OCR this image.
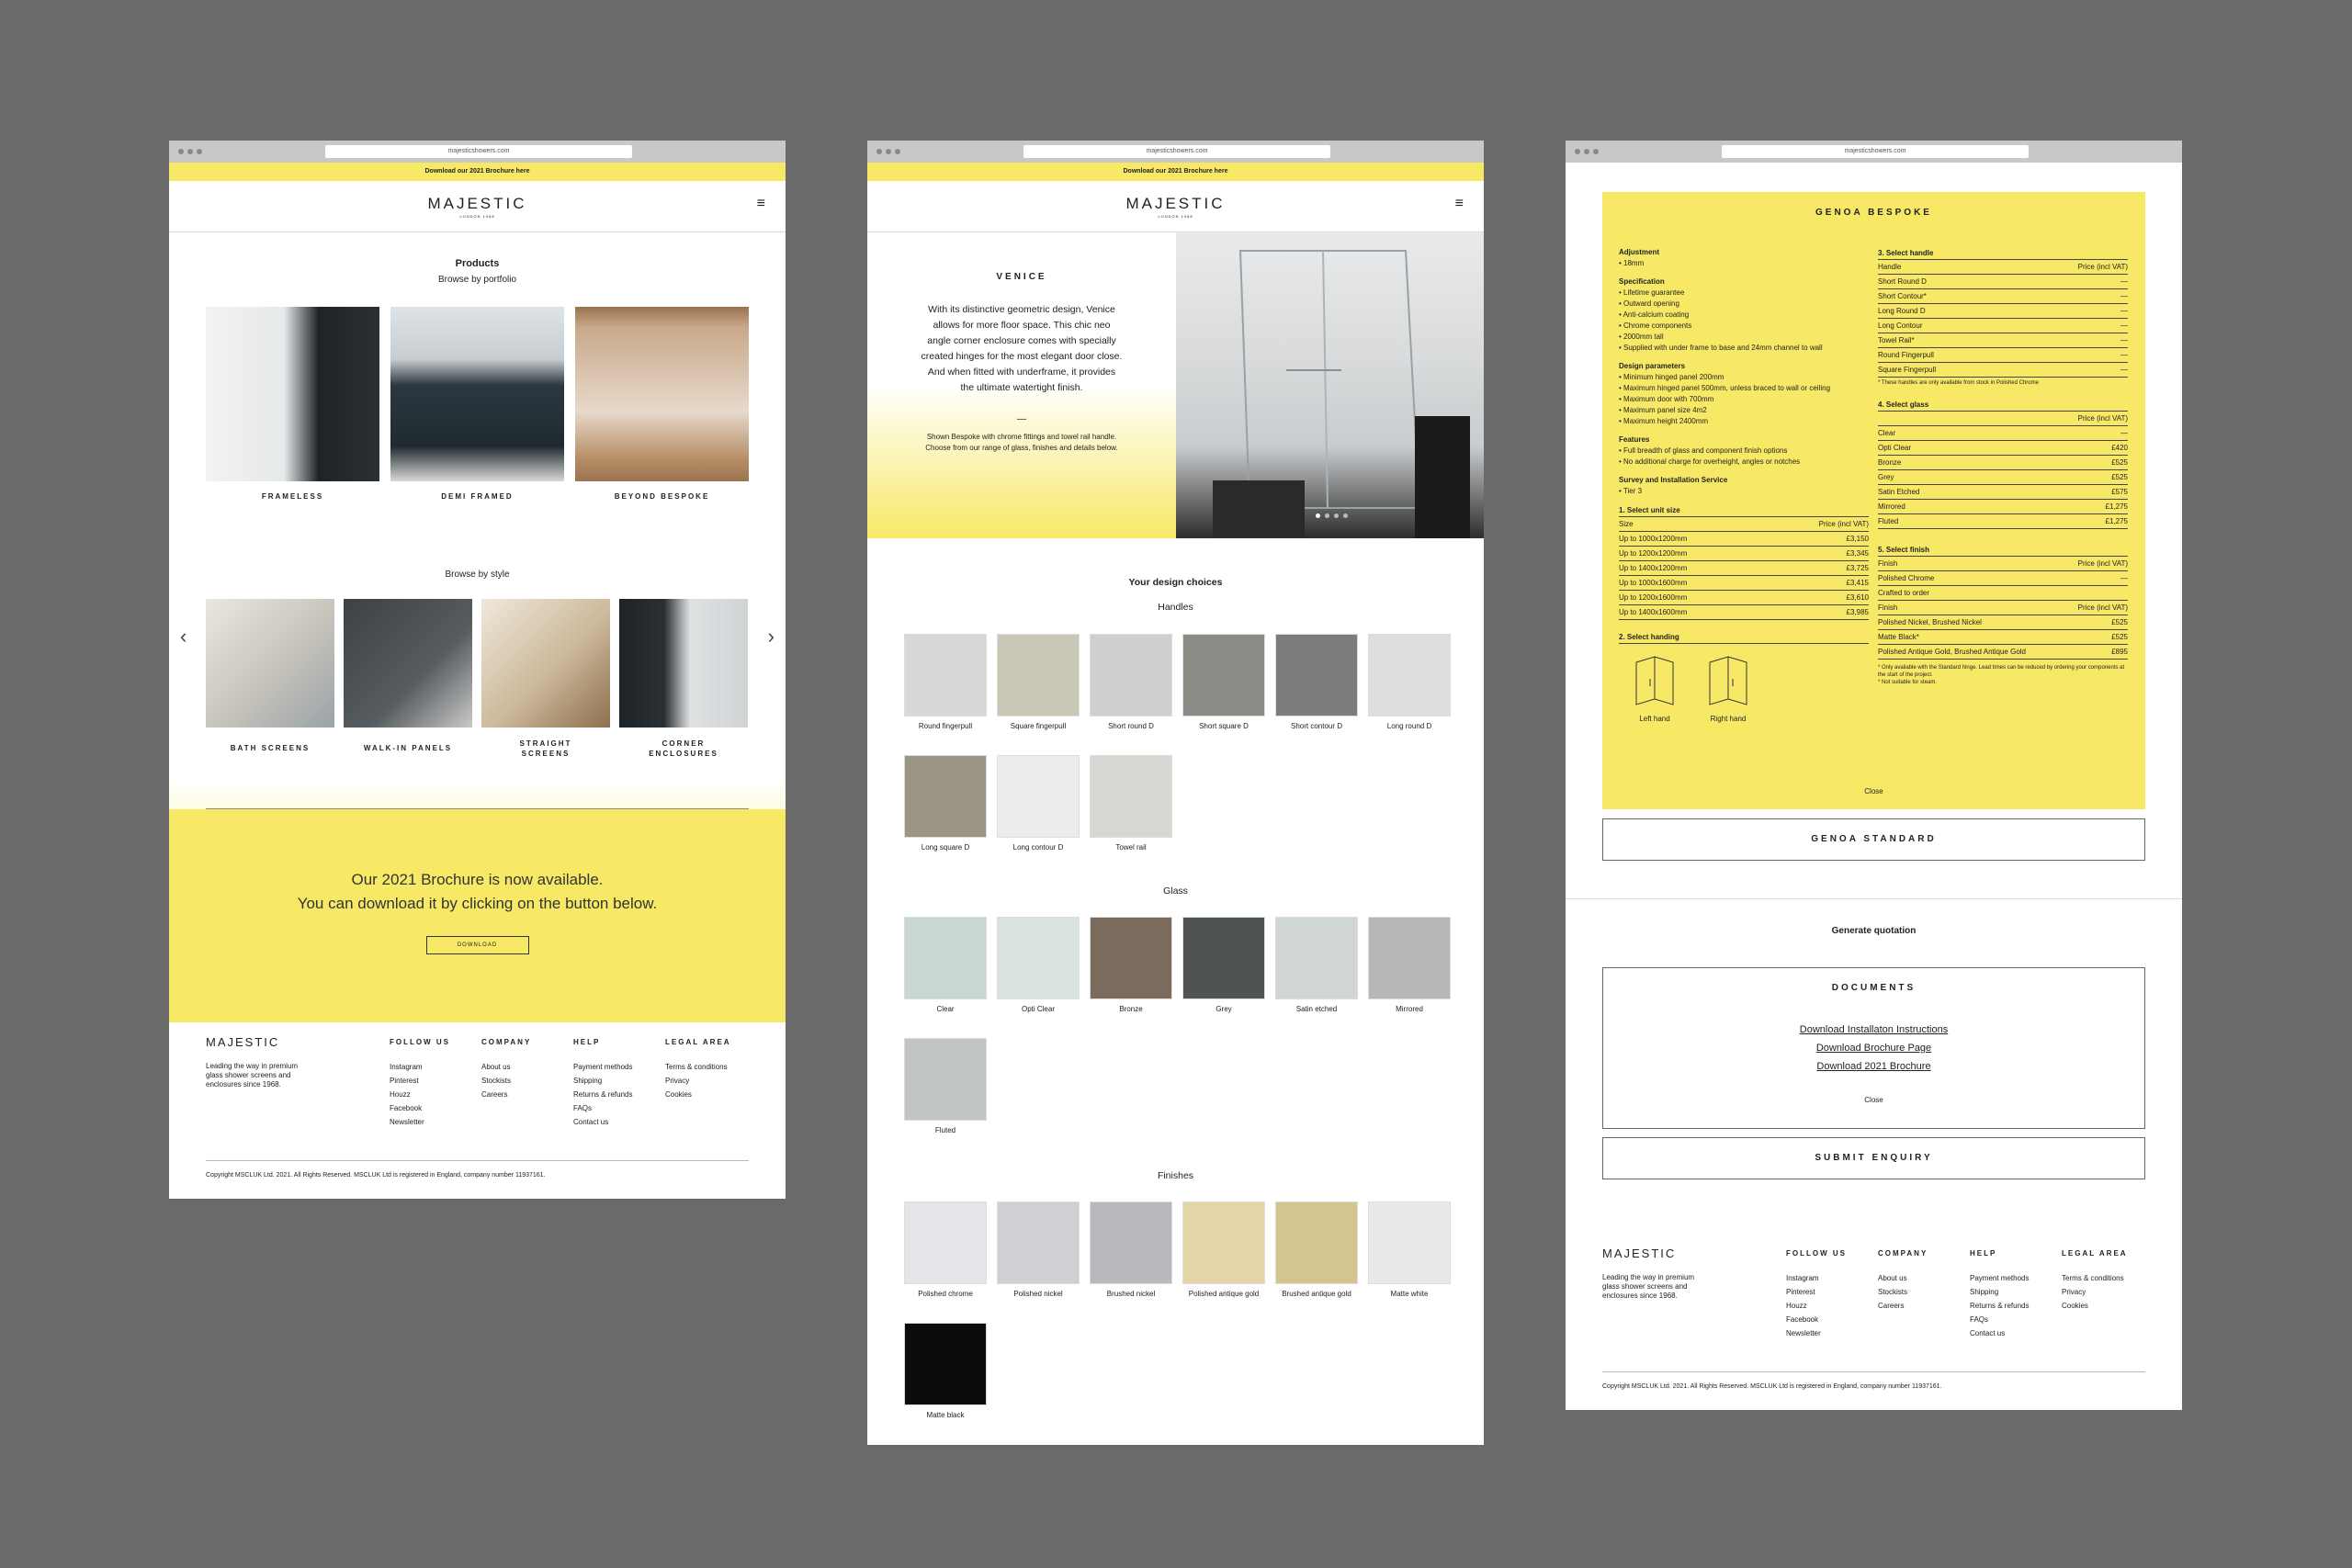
majesticshowers.com
Download our 2021 Brochure here
MAJESTIC
LONDON 1968
≡
Products
Browse by portfolio
FRAMELESS	DEMI FRAMED	BEYOND BESPOKE
Browse by style
‹	›
BATH SCREENS	WALK-IN PANELS
STRAIGHT SCREENS
CORNER ENCLOSURES
Our 2021 Brochure is now available.
You can download it by clicking on the button below.
DOWNLOAD
MAJESTIC
Leading the way in premium glass shower screens and enclosures since 1968.
FOLLOW US
Instagram
Pinterest
Houzz
Facebook
Newsletter
COMPANY
About us
Stockists
Careers
HELP
Payment methods
Shipping
Returns & refunds
FAQs
Contact us
LEGAL AREA
Terms & conditions
Privacy
Cookies
Copyright MSCLUK Ltd. 2021. All Rights Reserved. MSCLUK Ltd is registered in England, company number 11937161.
majesticshowers.com
Download our 2021 Brochure here
MAJESTIC
LONDON 1968
≡
VENICE
With its distinctive geometric design, Venice allows for more floor space. This chic neo angle corner enclosure comes with specially created hinges for the most elegant door close. And when fitted with underframe, it provides the ultimate watertight finish.
—
Shown Bespoke with chrome fittings and towel rail handle. Choose from our range of glass, finishes and details below.
Your design choices
Handles
Round fingerpull	Square fingerpull	Short round D	Short square D	Short contour D	Long round D
Long square D	Long contour D	Towel rail
Glass
Clear	Opti Clear	Bronze	Grey	Satin etched	Mirrored
Fluted
Finishes
Polished chrome	Polished nickel	Brushed nickel	Polished antique gold	Brushed antique gold	Matte white
Matte black
majesticshowers.com
GENOA BESPOKE
Adjustment
• 18mm
Specification
• Lifetime guarantee
• Outward opening
• Anti-calcium coating
• Chrome components
• 2000mm tall
• Supplied with under frame to base and 24mm channel to wall
Design parameters
• Minimum hinged panel 200mm
• Maximum hinged panel 500mm, unless braced to wall or ceiling
• Maximum door with 700mm
• Maximum panel size 4m2
• Maximum height 2400mm
Features
• Full breadth of glass and component finish options
• No additional charge for overheight, angles or notches
Survey and Installation Service
• Tier 3
1. Select unit size
Size	Price (incl VAT)
Up to 1000x1200mm	£3,150
Up to 1200x1200mm	£3,345
Up to 1400x1200mm	£3,725
Up to 1000x1600mm	£3,415
Up to 1200x1600mm	£3,610
Up to 1400x1600mm	£3,985
2. Select handing
Left hand	Right hand
3. Select handle
Handle	Price (incl VAT)
Short Round D	—
Short Contour*	—
Long Round D	—
Long Contour	—
Towel Rail*	—
Round Fingerpull	—
Square Fingerpull	—
* These handles are only available from stock in Polished Chrome
4. Select glass
Price (incl VAT)
Clear	—
Opti Clear	£420
Bronze	£525
Grey	£525
Satin Etched	£575
Mirrored	£1,275
Fluted	£1,275
5. Select finish
Finish	Price (incl VAT)
Polished Chrome	—
Crafted to order
Finish	Price (incl VAT)
Polished Nickel, Brushed Nickel	£525
Matte Black*	£525
Polished Antique Gold, Brushed Antique Gold	£895
* Only available with the Standard hinge. Lead times can be reduced by ordering your components at the start of the project.
* Not suitable for steam.
Close
GENOA STANDARD
Generate quotation
DOCUMENTS
Download Installaton Instructions
Download Brochure Page
Download 2021 Brochure
Close
SUBMIT ENQUIRY
MAJESTIC
Leading the way in premium glass shower screens and enclosures since 1968.
FOLLOW US
Instagram
Pinterest
Houzz
Facebook
Newsletter
COMPANY
About us
Stockists
Careers
HELP
Payment methods
Shipping
Returns & refunds
FAQs
Contact us
LEGAL AREA
Terms & conditions
Privacy
Cookies
Copyright MSCLUK Ltd. 2021. All Rights Reserved. MSCLUK Ltd is registered in England, company number 11937161.
